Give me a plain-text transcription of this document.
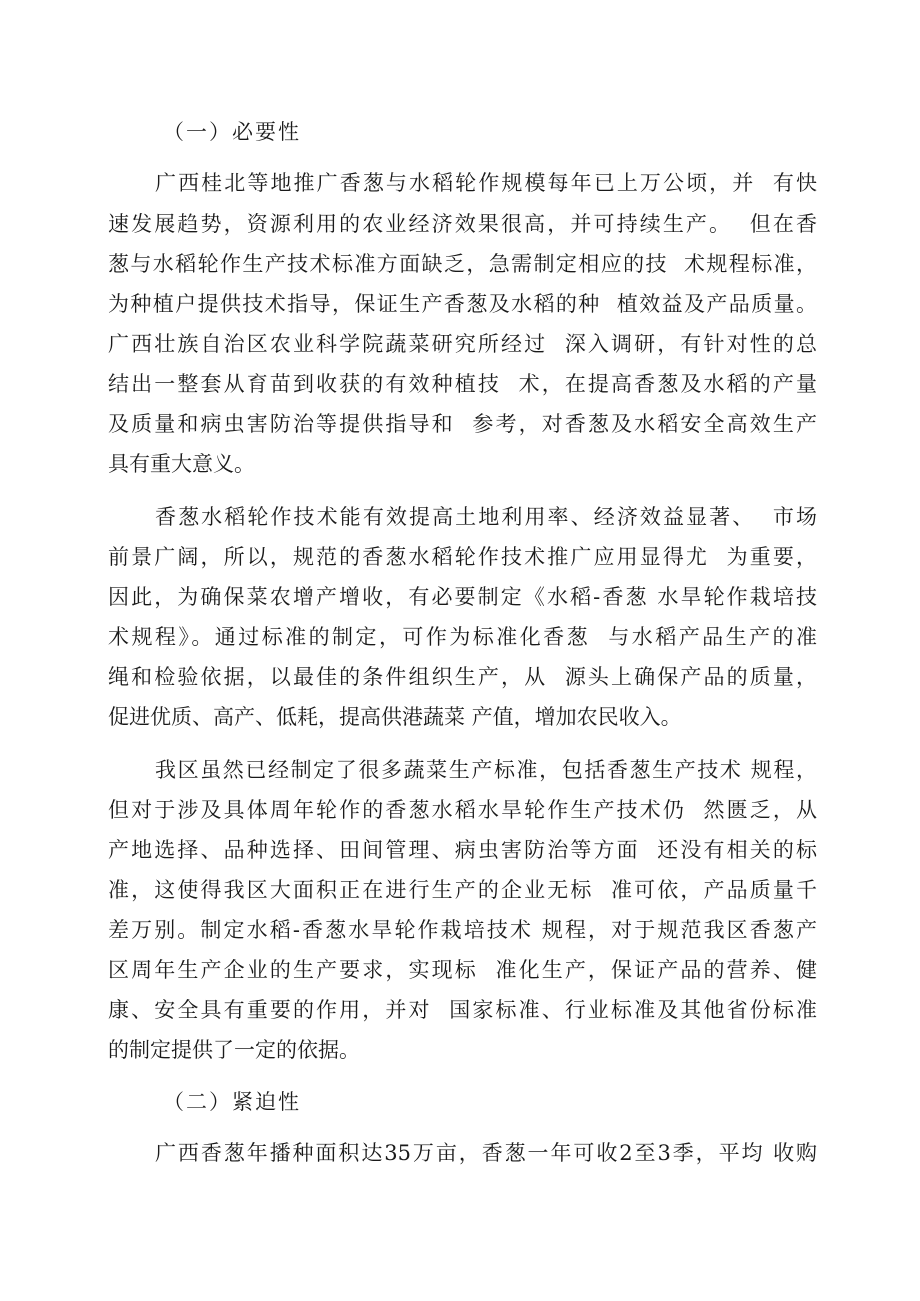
（一）必要性
广西桂北等地推广香葱与水稻轮作规模每年已上万公顷，并  有快
速发展趋势，资源利用的农业经济效果很高，并可持续生产。  但在香
葱与水稻轮作生产技术标准方面缺乏，急需制定相应的技  术规程标准，
为种植户提供技术指导，保证生产香葱及水稻的种  植效益及产品质量。
广西壮族自治区农业科学院蔬菜研究所经过  深入调研，有针对性的总
结出一整套从育苗到收获的有效种植技  术，在提高香葱及水稻的产量
及质量和病虫害防治等提供指导和  参考，对香葱及水稻安全高效生产
具有重大意义。
香葱水稻轮作技术能有效提高土地利用率、经济效益显著、  市场
前景广阔，所以，规范的香葱水稻轮作技术推广应用显得尤  为重要，
因此，为确保菜农增产增收，有必要制定《水稻-香葱 水旱轮作栽培技
术规程》。通过标准的制定，可作为标准化香葱  与水稻产品生产的准
绳和检验依据，以最佳的条件组织生产，从  源头上确保产品的质量，
促进优质、高产、低耗，提高供港蔬菜 产值，增加农民收入。
我区虽然已经制定了很多蔬菜生产标准，包括香葱生产技术 规程，
但对于涉及具体周年轮作的香葱水稻水旱轮作生产技术仍  然匮乏，从
产地选择、品种选择、田间管理、病虫害防治等方面  还没有相关的标
准，这使得我区大面积正在进行生产的企业无标  准可依，产品质量千
差万别。制定水稻-香葱水旱轮作栽培技术 规程，对于规范我区香葱产
区周年生产企业的生产要求，实现标  准化生产，保证产品的营养、健
康、安全具有重要的作用，并对  国家标准、行业标准及其他省份标准
的制定提供了一定的依据。
（二）紧迫性
广西香葱年播种面积达35万亩，香葱一年可收2至3季，平均 收购
